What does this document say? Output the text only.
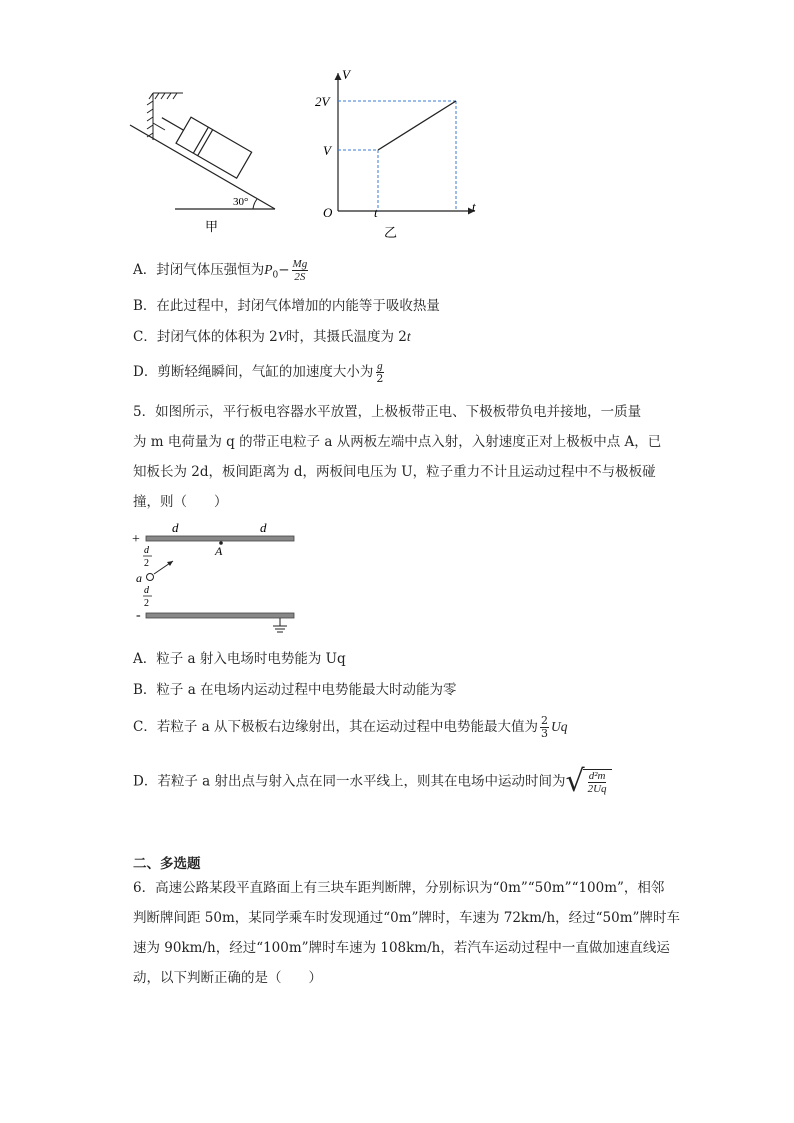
30°
甲
V
t
O
2V
V
t
乙
A．封闭气体压强恒为$P_0- \frac{Mg}{2S}$
B．在此过程中，封闭气体增加的内能等于吸收热量
C．封闭气体的体积为 2V时，其摄氏温度为 2t
D．剪断轻绳瞬间，气缸的加速度大小为 $\frac{g}{2}$
5．如图所示，平行板电容器水平放置，上极板带正电、下极板带负电并接地，一质量
为 m 电荷量为 q 的带正电粒子 a 从两板左端中点入射，入射速度正对上极板中点 A，已
知板长为 2d，板间距离为 d，两板间电压为 U，粒子重力不计且运动过程中不与极板碰
撞，则（　　）
+
-
d	d
A
d
2
d
2
a
A．粒子 a 射入电场时电势能为 Uq
B．粒子 a 在电场内运动过程中电势能最大时动能为零
C．若粒子 a 从下极板右边缘射出，其在运动过程中电势能最大值为 $\frac{2}{3}$ Uq
D．若粒子 a 射出点与射入点在同一水平线上，则其在电场中运动时间为 √ $\frac{\text{d²m}}{2Uq}$
二、多选题
6．高速公路某段平直路面上有三块车距判断牌，分别标识为“0m”“50m”“100m”，相邻
判断牌间距 50m，某同学乘车时发现通过“0m”牌时，车速为 72km/h，经过“50m”牌时车
速为 90km/h，经过“100m”牌时车速为 108km/h，若汽车运动过程中一直做加速直线运
动，以下判断正确的是（　　）
